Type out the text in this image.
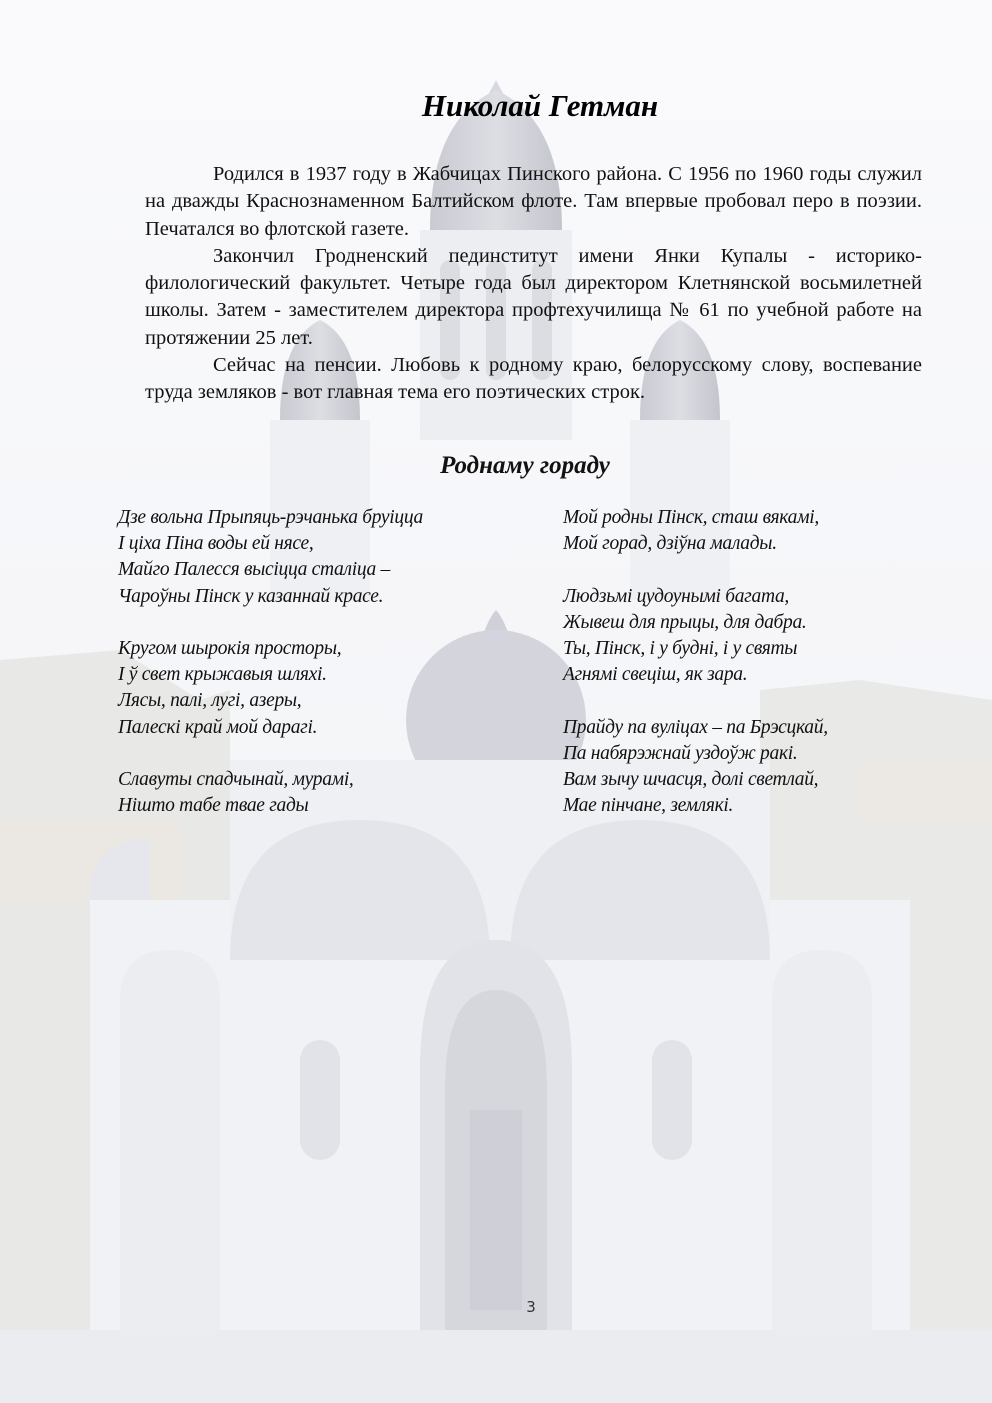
Николай Гетман

Родился в 1937 году в Жабчицах Пинского района. С 1956 по 1960 годы служил на дважды Краснознаменном Балтийском флоте. Там впервые пробовал перо в поэзии. Печатался во флотской газете.

Закончил Гродненский пединститут имени Янки Купалы - историко-филологический факультет. Четыре года был директором Клетнянской восьмилетней школы. Затем - заместителем директора профтехучилища № 61 по учебной работе на протяжении 25 лет.

Сейчас на пенсии. Любовь к родному краю, белорусскому слову, воспевание труда земляков - вот главная тема его поэтических строк.

Роднаму гораду
Дзе вольна Прыпяць-рэчанька бруіцца
І ціха Піна воды ей нясе,
Майго Палесся высіцца сталіца –
Чароўны Пінск у казаннай красе.
Кругом шырокія просторы,
І ў свет крыжавыя шляхі.
Лясы, палі, лугі, азеры,
Палескі край мой дарагі.
Славуты спадчынай, мурамі,
Нішто табе твае гады
Мой родны Пінск, сташ вякамі,
Мой горад, дзіўна малады.
Людзьмі цудоунымі багата,
Жывеш для прыцы, для дабра.
Ты, Пінск, і у будні, і у святы
Агнямі свеціш, як зара.
Прайду па вуліцах – па Брэсцкай,
Па набярэжнай уздоўж ракі.
Вам зычу шчасця, долі светлай,
Мае пінчане, землякі.
3
